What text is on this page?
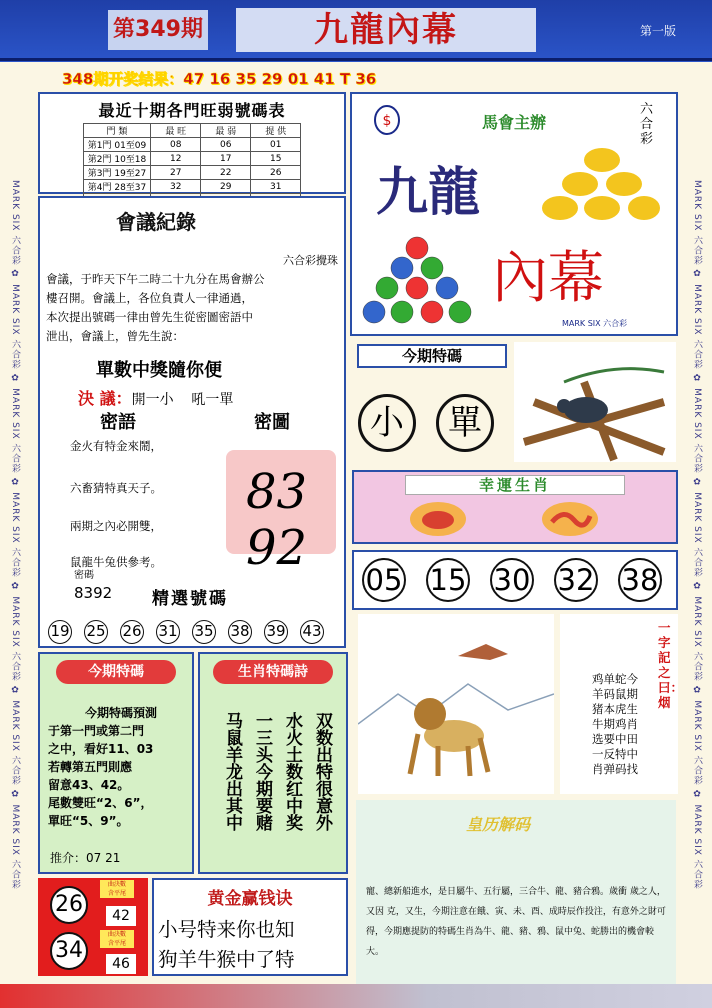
第349期	九龍內幕	第一版
MARK SIX 六合彩 ✿ MARK SIX 六合彩 ✿ MARK SIX 六合彩 ✿ MARK SIX 六合彩 ✿ MARK SIX 六合彩 ✿ MARK SIX 六合彩 ✿ MARK SIX 六合彩
MARK SIX 六合彩 ✿ MARK SIX 六合彩 ✿ MARK SIX 六合彩 ✿ MARK SIX 六合彩 ✿ MARK SIX 六合彩 ✿ MARK SIX 六合彩 ✿ MARK SIX 六合彩
348期开奖结果：47 16 35 29 01 41 T 36
最近十期各門旺弱號碼表
門 類	最 旺	最 弱	提 供
第1門 01至09	08	06	01
第2門 10至18	12	17	15
第3門 19至27	27	22	26
第4門 28至37	32	29	31

會議紀錄
六合彩攪珠
會議，于昨天下午二時二十九分在馬會辦公
樓召開。會議上，各位負責人一律通過，
本次提出號碼一律由曾先生從密圖密語中
泄出，會議上，曾先生說：
單數中獎隨你便
決 議：開一小 吼一單
密語	密圖
金火有特金來鬧，
六畜猜特真天子。
兩期之內必開雙，
鼠龍牛兔供參考。
83 92
密碼
8392 精選號碼
19 25 26 31 35 38 39 43
$	馬會主辦
六合彩
九龍
內幕
MARK SIX 六合彩
今期特碼
小	單
幸運生肖
05 15 30 32 38
一字記之曰：烟
鸡单蛇今
羊码鼠期
猪本虎生
牛期鸡肖
选要中田
一反特中
肖弹码找
皇历解码
寵、總新船進水，是日屬牛、五行屬，三合牛、龍、豬合鴉。歲衝 歲之人，又因 克，又生，今期注意在餓、寅、未、酉、成時辰作投注，有意外之財可得，今期應提防的特碼生肖為牛、龍、豬、鴉、鼠中兔、蛇勝出的機會較大。
今期特碼
今期特碼預測
于第一門或第二門
之中，看好11、03
若轉第五門則應
留意43、42。
尾數雙旺“2、6”，
單旺“5、9”。
推介：07 21
生肖特碼詩
双数出特很意外
水火土数红中奖
一三头今期要赌
马鼠羊龙出其中
26
34
曲決數
含平尾
42
曲決數
含平尾
46
黄金赢钱诀
小号特来你也知
狗羊牛猴中了特
